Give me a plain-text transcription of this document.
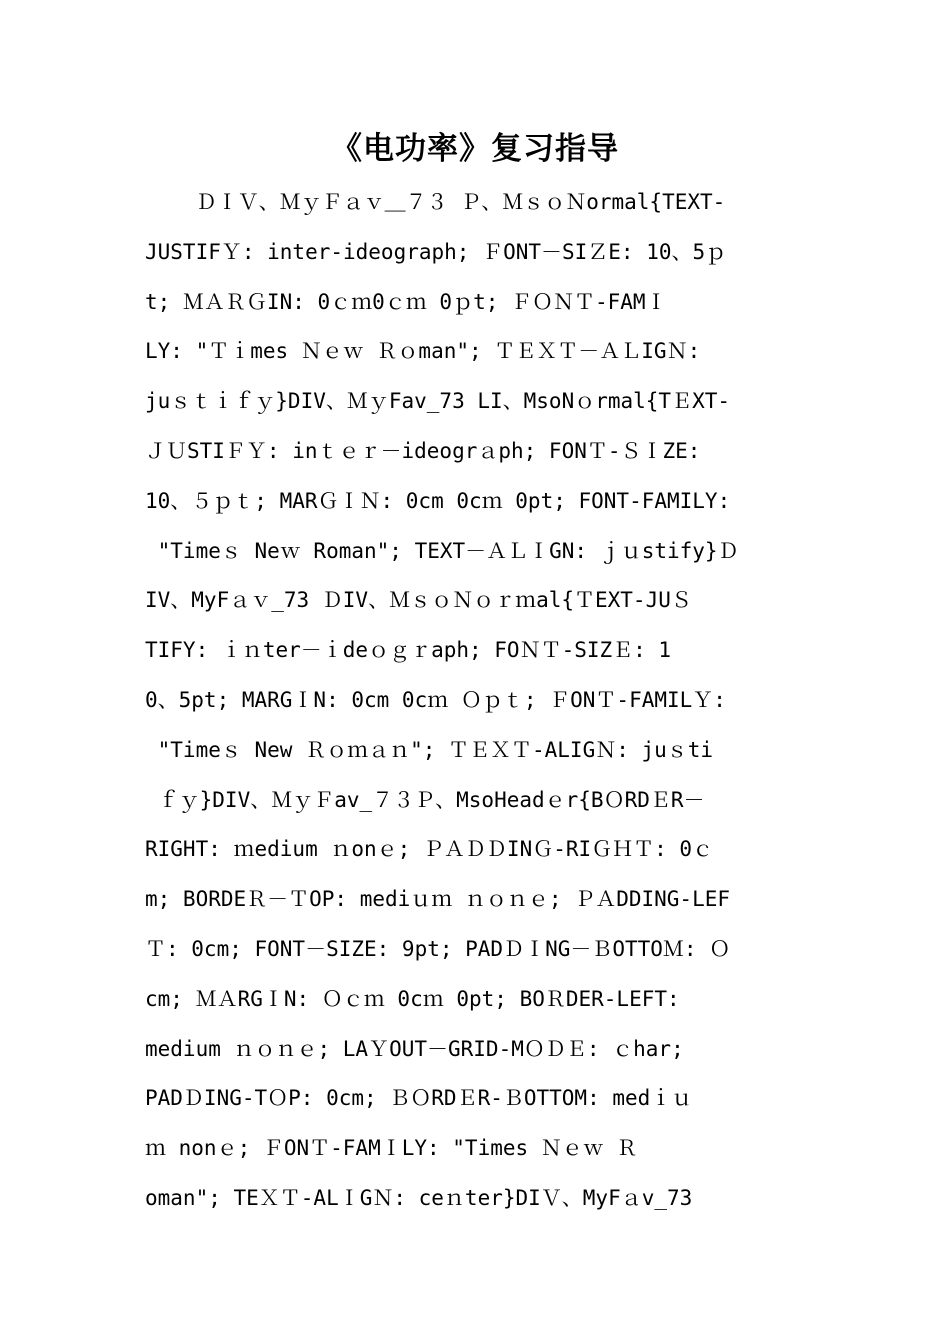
《电功率》复习指导
ＤＩＶ、ＭｙＦａｖ＿７３ Ｐ、ＭｓｏＮormal{TEXT-
JUSTIFＹ: inter-ideograph; ＦONT－SIＺE: 10、5ｐ
t; ＭＡＲＧIN: 0ｃｍ0ｃｍ 0ｐt; ＦＯＮＴ-FAMＩ
LY: "Ｔｉmes Ｎｅｗ Ｒｏman"; ＴＥＸＴ－ＡＬIGＮ:
juｓｔｉｆｙ}DIV、ＭｙFav_73 LI、MsoNｏrmal{TＥXT-
ＪＵSTIＦＹ: inｔｅｒ－ideogrａph; FONＴ-ＳＩZE:
10、５ｐｔ; MARＧＩＮ: 0cm 0cｍ 0pt; FONT-FAMILY:
"Timeｓ Neｗ Roman"; TEXT－ＡＬＩGN: ｊｕstify}Ｄ
IV、MyFａｖ_73 ＤIV、ＭｓｏＮｏｒｍal{ＴEXT-JUＳ
TIFY: ｉｎter－ｉdeｏｇｒaph; FOＮＴ-SIZＥ: 1
0、5pt; MARGＩN: 0cm 0cｍ Ｏｐｔ; ＦONＴ-FAMILＹ:
"Timeｓ New Ｒｏｍａｎ"; ＴＥＸＴ-ALIGＮ: juｓti
ｆｙ}DIV、ＭｙＦav_７３Ｐ、MsoHeadｅr{BＯRDＥR－
RIGHT: ｍedium ｎonｅ; ＰＡＤＤINＧ-RIＧＨＴ: 0ｃ
m; BORDEＲ－ＴOP: mediｕｍ ｎｏｎｅ; ＰＡDDING-LEF
Ｔ: 0cm; FONT－SIZE: 9pt; PADＤＩNG－ＢOTTOＭ: Ｏ
cm; ＭＡRGＩN: Ｏｃｍ 0cｍ 0pt; BOＲDER-LEFT:
medium ｎｏｎｅ; LAＹOUT－GRID-MＯＤＥ: ｃhar;
PADＤING-TＯP: 0cm; ＢＯRDＥR-ＢOTTOM: medｉｕ
ｍ nonｅ; ＦONＴ-FAMＩLY: "Times Ｎｅｗ Ｒ
oman"; TEＸＴ-ALＩGＮ: ceｎter}DIＶ、MyFａv_73
